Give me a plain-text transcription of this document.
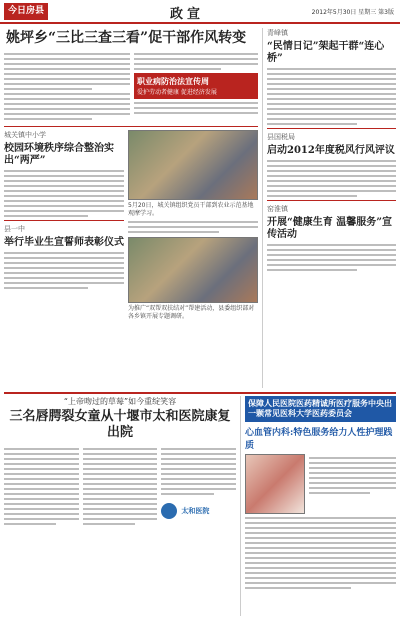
今日房县	政宣	2012年5月30日 星期三 第3版
姚坪乡“三比三查三看”促干部作风转变
职业病防治法宣传周
爱护劳动者健康 促进经济发展
城关镇中小学
校园环境秩序综合整治实出“两严”
县一中
举行毕业生宣誓师表彰仪式
5月20日，城关镇组织党员干部到农业示范基地观摩学习。
为推广“双帮双扶结对”帮建活动，县委组织部对各乡镇开展专题调研。
青峰镇
“民情日记”架起干群“连心桥”
县国税局
启动2012年度税风行风评议
窑淮镇
开展“健康生育 温馨服务”宣传活动
“上帝吻过的草莓”如今重绽笑容
三名唇腭裂女童从十堰市太和医院康复出院
太和医院
保障人民医院医药精诚所医疗服务中央出一颗常见医科大学医药委员会
心血管内科:特色服务给力人性护理践质
